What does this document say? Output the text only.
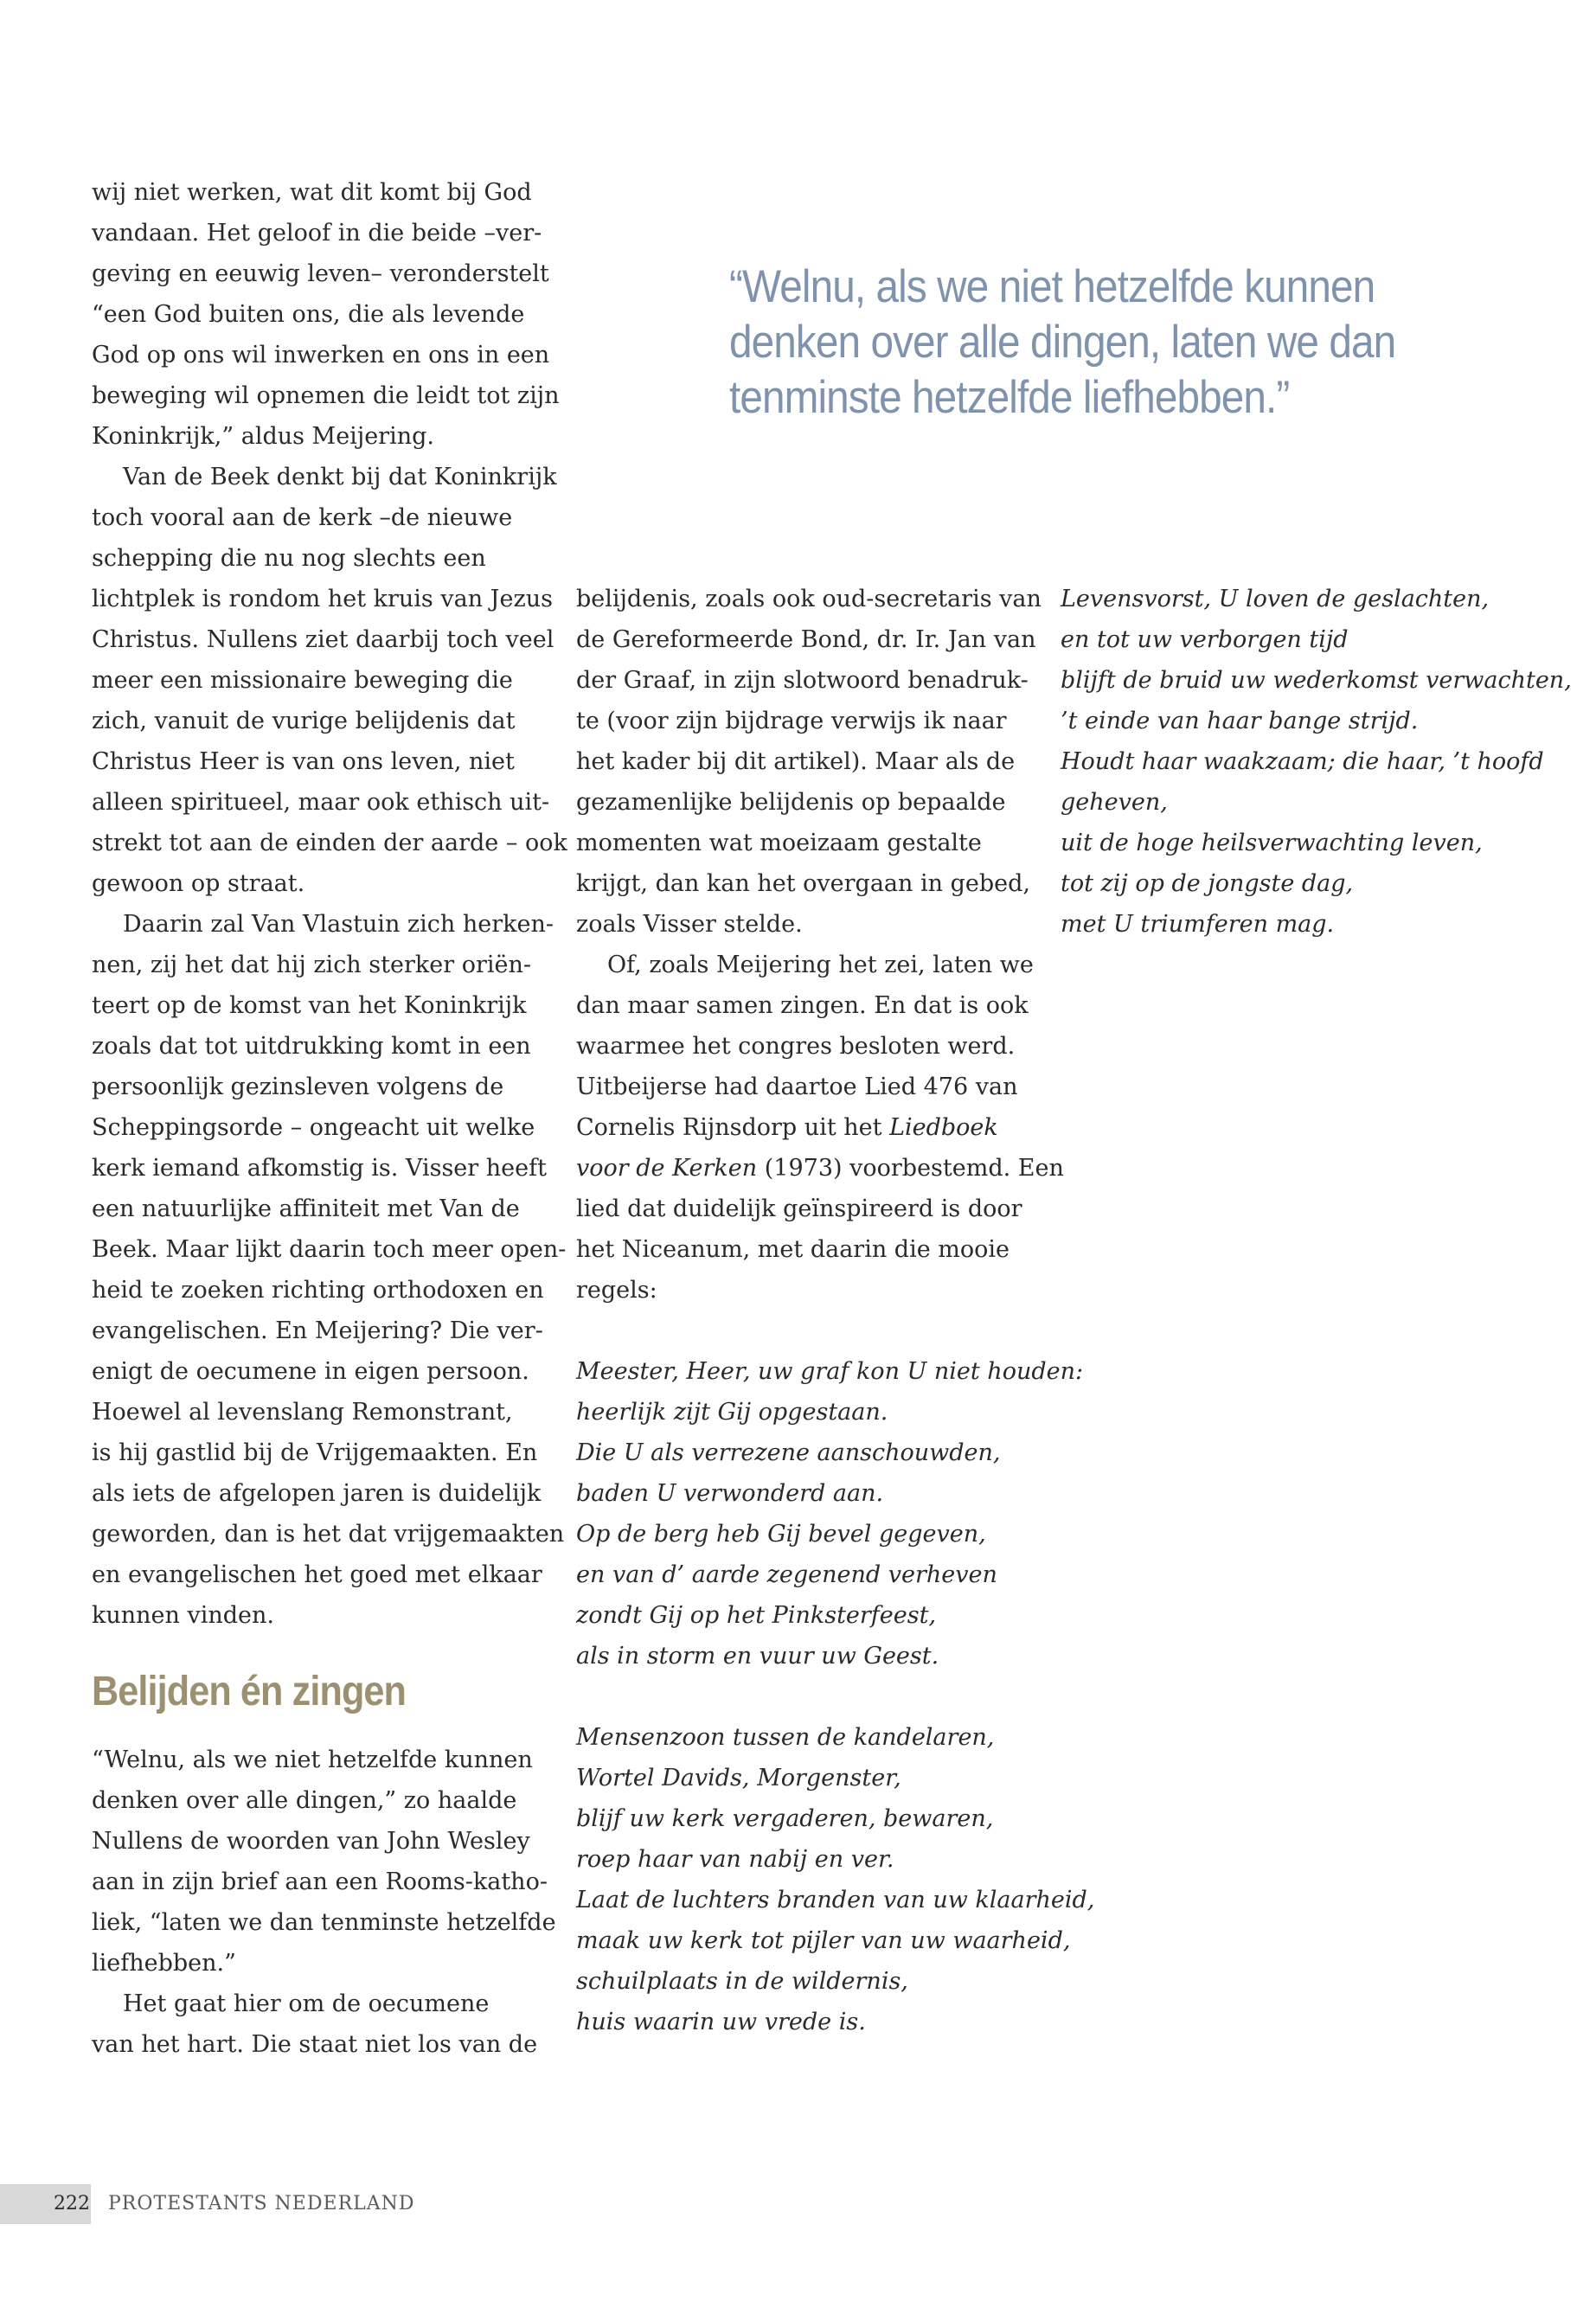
“Welnu, als we niet hetzelfde kunnen
denken over alle dingen, laten we dan
tenminste hetzelfde liefhebben.”

wij niet werken, wat dit komt bij God
vandaan. Het geloof in die beide –ver-
geving en eeuwig leven– veronderstelt
“een God buiten ons, die als levende
God op ons wil inwerken en ons in een
beweging wil opnemen die leidt tot zijn
Koninkrijk,” aldus Meijering.

Van de Beek denkt bij dat Koninkrijk
toch vooral aan de kerk –de nieuwe
schepping die nu nog slechts een
lichtplek is rondom het kruis van Jezus
Christus. Nullens ziet daarbij toch veel
meer een missionaire beweging die
zich, vanuit de vurige belijdenis dat
Christus Heer is van ons leven, niet
alleen spiritueel, maar ook ethisch uit-
strekt tot aan de einden der aarde – ook
gewoon op straat.

Daarin zal Van Vlastuin zich herken-
nen, zij het dat hij zich sterker oriën-
teert op de komst van het Koninkrijk
zoals dat tot uitdrukking komt in een
persoonlijk gezinsleven volgens de
Scheppingsorde – ongeacht uit welke
kerk iemand afkomstig is. Visser heeft
een natuurlijke affiniteit met Van de
Beek. Maar lijkt daarin toch meer open-
heid te zoeken richting orthodoxen en
evangelischen. En Meijering? Die ver-
enigt de oecumene in eigen persoon.
Hoewel al levenslang Remonstrant,
is hij gastlid bij de Vrijgemaakten. En
als iets de afgelopen jaren is duidelijk
geworden, dan is het dat vrijgemaakten
en evangelischen het goed met elkaar
kunnen vinden.

Belijden én zingen

“Welnu, als we niet hetzelfde kunnen
denken over alle dingen,” zo haalde
Nullens de woorden van John Wesley
aan in zijn brief aan een Rooms-katho-
liek, “laten we dan tenminste hetzelfde
liefhebben.”

Het gaat hier om de oecumene
van het hart. Die staat niet los van de

belijdenis, zoals ook oud-secretaris van
de Gereformeerde Bond, dr. Ir. Jan van
der Graaf, in zijn slotwoord benadruk-
te (voor zijn bijdrage verwijs ik naar
het kader bij dit artikel). Maar als de
gezamenlijke belijdenis op bepaalde
momenten wat moeizaam gestalte
krijgt, dan kan het overgaan in gebed,
zoals Visser stelde.

Of, zoals Meijering het zei, laten we
dan maar samen zingen. En dat is ook
waarmee het congres besloten werd.
Uitbeijerse had daartoe Lied 476 van
Cornelis Rijnsdorp uit het Liedboek
voor de Kerken (1973) voorbestemd. Een
lied dat duidelijk geïnspireerd is door
het Niceanum, met daarin die mooie
regels:

Meester, Heer, uw graf kon U niet houden:
heerlijk zijt Gij opgestaan.
Die U als verrezene aanschouwden,
baden U verwonderd aan.
Op de berg heb Gij bevel gegeven,
en van d’ aarde zegenend verheven
zondt Gij op het Pinksterfeest,
als in storm en vuur uw Geest.

Mensenzoon tussen de kandelaren,
Wortel Davids, Morgenster,
blijf uw kerk vergaderen, bewaren,
roep haar van nabij en ver.
Laat de luchters branden van uw klaarheid,
maak uw kerk tot pijler van uw waarheid,
schuilplaats in de wildernis,
huis waarin uw vrede is.

Levensvorst, U loven de geslachten,
en tot uw verborgen tijd
blijft de bruid uw wederkomst verwachten,
’t einde van haar bange strijd.
Houdt haar waakzaam; die haar, ’t hoofd
geheven,
uit de hoge heilsverwachting leven,
tot zij op de jongste dag,
met U triumferen mag.

222 PROTESTANTS NEDERLAND
